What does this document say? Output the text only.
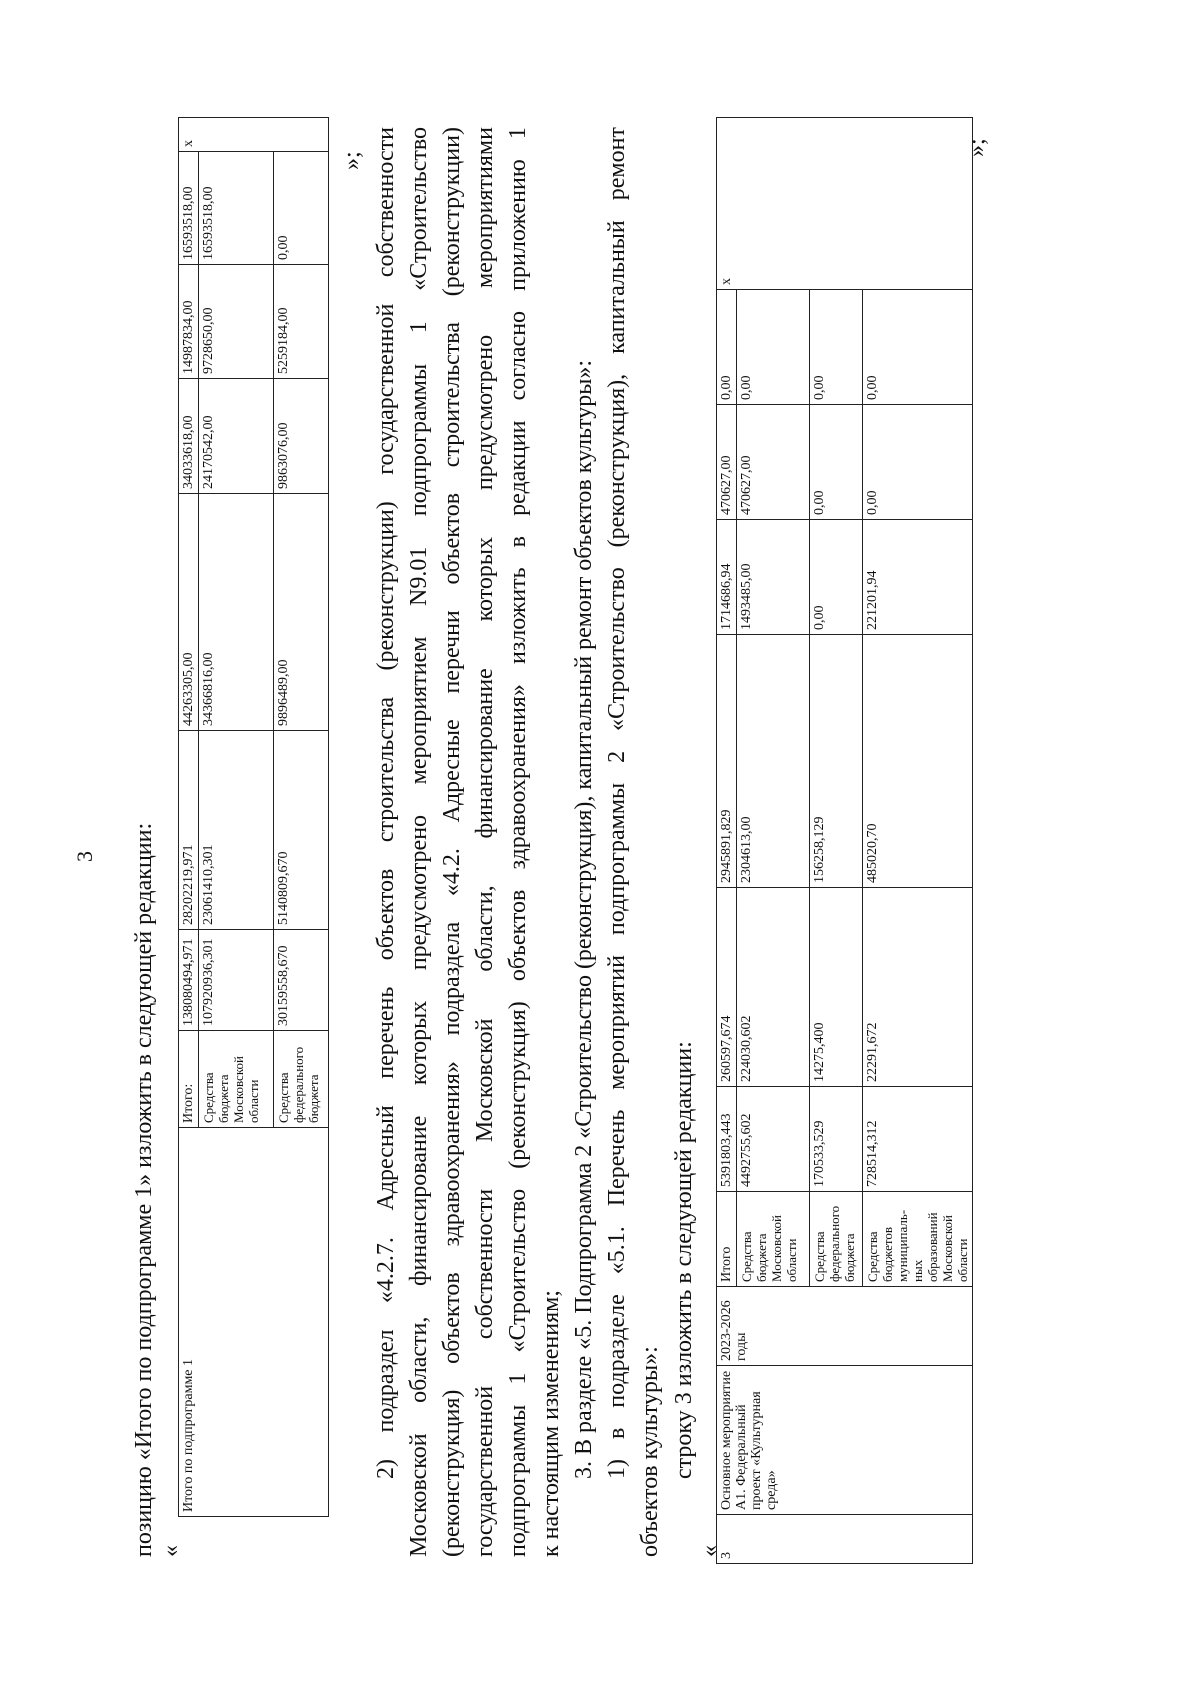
3 позицию «Итого по подпрограмме 1» изложить в следующей редакции: «
Итого по подпрограмме 1	Итого:	138080494,971	28202219,971	44263305,00	34033618,00	14987834,00	16593518,00	х
	Средства бюджета Московской области	107920936,301	23061410,301	34366816,00	24170542,00	9728650,00	16593518,00	
	Средства федерального бюджета	30159558,670	5140809,670	9896489,00	9863076,00	5259184,00	0,00	
»;
2)
подраздел
«4.2.7.
Адресный
перечень
объектов
строительства
(реконструкции)
государственной
собственности
Московской
области,
финансирование
которых
предусмотрено
мероприятием
N9.01
подпрограммы
1
«Строительство
(реконструкция)
объектов
здравоохранения»
подраздела
«4.2.
Адресные
перечни
объектов
строительства
(реконструкции)
государственной
собственности
Московской
области,
финансирование
которых
предусмотрено
мероприятиями
подпрограммы
1
«Строительство
(реконструкция)
объектов
здравоохранения»
изложить
в
редакции
согласно
приложению
1
к настоящим изменениям; 3. В разделе «5. Подпрограмма 2 «Строительство (реконструкция), капитальный ремонт объектов культуры»: 1)
в
подразделе
«5.1.
Перечень
мероприятий
подпрограммы
2
«Строительство
(реконструкция),
капитальный
ремонт
объектов культуры»: строку 3 изложить в следующей редакции:
«
3	Основное мероприятие А1. Федеральный проект «Культурная среда»	2023-2026 годы	Итого	5391803,443	260597,674	2945891,829	1714686,94	470627,00	0,00	х
			Средства бюджета Московской области	4492755,602	224030,602	2304613,00	1493485,00	470627,00	0,00	
			Средства федерального бюджета	170533,529	14275,400	156258,129	0,00	0,00	0,00	
			Средства бюджетов муниципаль-ных образований Московской области	728514,312	22291,672	485020,70	221201,94	0,00	0,00	
»;
